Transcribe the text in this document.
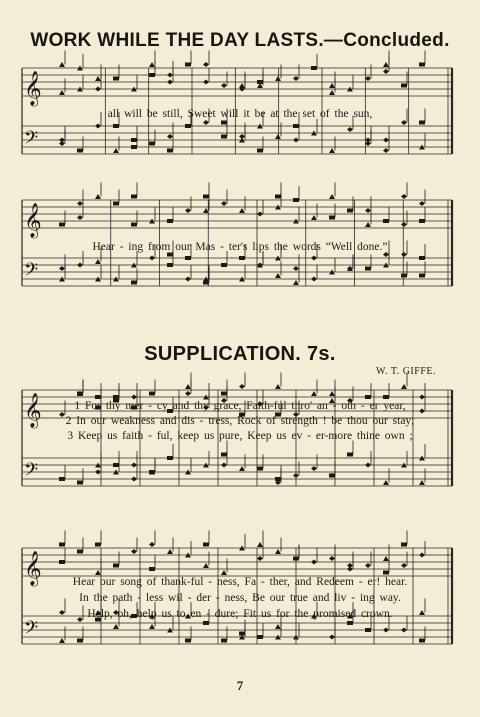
WORK WHILE THE DAY LASTS.—Concluded.
𝄞
𝄢
all will be still, Sweet will it be at the set of the sun,
𝄞
𝄢
Hear - ing from our Mas - ter's lips the words “Well done.”
SUPPLICATION. 7s.
W. T. GIFFE.
𝄞
𝄢
1 For thy mer - cy and thy grace, Faith-ful thro' an - oth - er year,
2 In our weakness and dis - tress, Rock of strength ! be thou our stay;
3 Keep us faith - ful, keep us pure, Keep us ev - er-more thine own ;
𝄞
𝄢
Hear our song of thank-ful - ness, Fa - ther, and Redeem - er! hear.
In the path - less wil - der - ness, Be our true and liv - ing way.
Help, oh, help us to en - dure; Fit us for the promised crown.
7
